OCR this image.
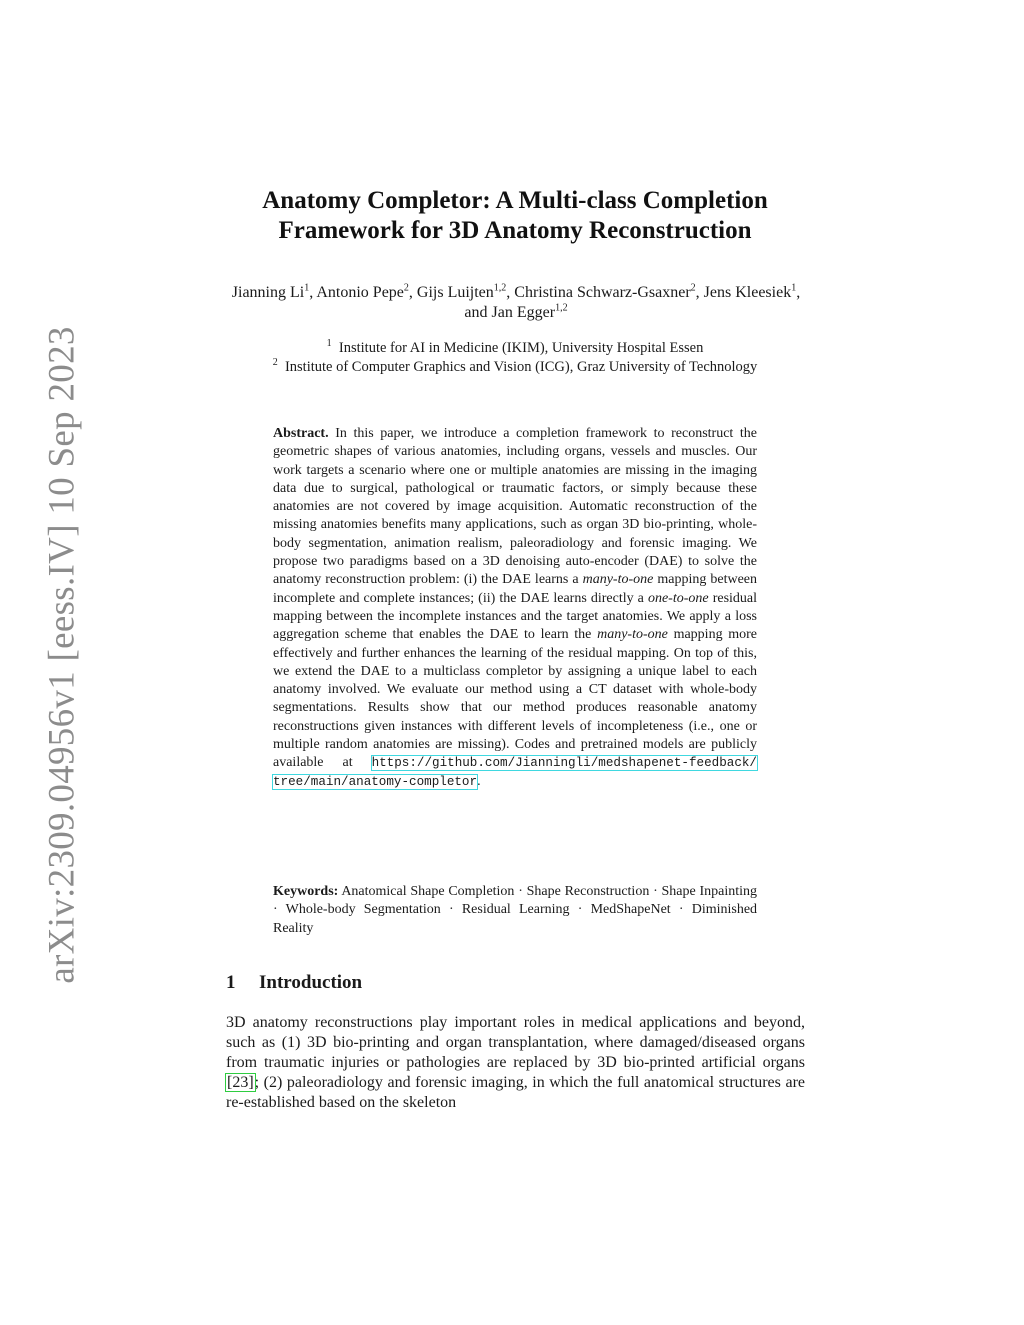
arXiv:2309.04956v1 [eess.IV] 10 Sep 2023
Anatomy Completor: A Multi-class Completion
Framework for 3D Anatomy Reconstruction
Jianning Li$^1$, Antonio Pepe$^2$, Gijs Luijten$^{1,2}$, Christina Schwarz-Gsaxner$^2$, Jens Kleesiek$^1$, and Jan Egger$^{1,2}$
$^1$ Institute for AI in Medicine (IKIM), University Hospital Essen
$^2$ Institute of Computer Graphics and Vision (ICG), Graz University of Technology
Abstract. In this paper, we introduce a completion framework to reconstruct the geometric shapes of various anatomies, including organs, vessels and muscles. Our work targets a scenario where one or multiple anatomies are missing in the imaging data due to surgical, pathological or traumatic factors, or simply because these anatomies are not covered by image acquisition. Automatic reconstruction of the missing anatomies benefits many applications, such as organ 3D bio-printing, whole-body segmentation, animation realism, paleoradiology and forensic imaging. We propose two paradigms based on a 3D denoising auto-encoder (DAE) to solve the anatomy reconstruction problem: (i) the DAE learns a many-to-one mapping between incomplete and complete instances; (ii) the DAE learns directly a one-to-one residual mapping between the incomplete instances and the target anatomies. We apply a loss aggregation scheme that enables the DAE to learn the many-to-one mapping more effectively and further enhances the learning of the residual mapping. On top of this, we extend the DAE to a multiclass completor by assigning a unique label to each anatomy involved. We evaluate our method using a CT dataset with whole-body segmentations. Results show that our method produces reasonable anatomy reconstructions given instances with different levels of incompleteness (i.e., one or multiple random anatomies are missing). Codes and pretrained models are publicly available at https://github.com/Jianningli/medshapenet-feedback/ tree/main/anatomy-completor.
Keywords: Anatomical Shape Completion · Shape Reconstruction · Shape Inpainting · Whole-body Segmentation · Residual Learning · MedShapeNet · Diminished Reality
1 Introduction
3D anatomy reconstructions play important roles in medical applications and beyond, such as (1) 3D bio-printing and organ transplantation, where damaged/diseased organs from traumatic injuries or pathologies are replaced by 3D bio-printed artificial organs [23]; (2) paleoradiology and forensic imaging, in which the full anatomical structures are re-established based on the skeleton
